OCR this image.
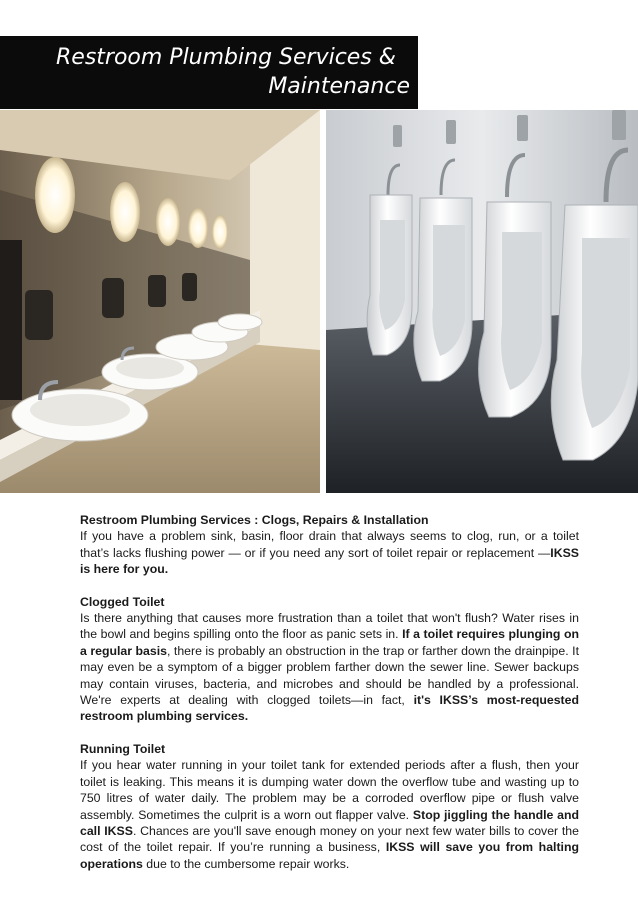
Restroom Plumbing Services &
Maintenance
Restroom Plumbing Services : Clogs, Repairs & Installation

If you have a problem sink, basin, floor drain that always seems to clog, run, or a toilet that’s lacks flushing power — or if you need any sort of toilet repair or replacement —IKSS is here for you.

Clogged Toilet

Is there anything that causes more frustration than a toilet that won't flush? Water rises in the bowl and begins spilling onto the floor as panic sets in. If a toilet requires plunging on a regular basis, there is probably an obstruction in the trap or farther down the drainpipe. It may even be a symptom of a bigger problem farther down the sewer line. Sewer backups may contain viruses, bacteria, and microbes and should be handled by a professional. We're experts at dealing with clogged toilets—in fact, it's IKSS’s most-requested restroom plumbing services.

Running Toilet

If you hear water running in your toilet tank for extended periods after a flush, then your toilet is leaking. This means it is dumping water down the overflow tube and wasting up to 750 litres of water daily. The problem may be a corroded overflow pipe or flush valve assembly. Sometimes the culprit is a worn out flapper valve. Stop jiggling the handle and call IKSS. Chances are you'll save enough money on your next few water bills to cover the cost of the toilet repair. If you’re running a business, IKSS will save you from halting operations due to the cumbersome repair works.
